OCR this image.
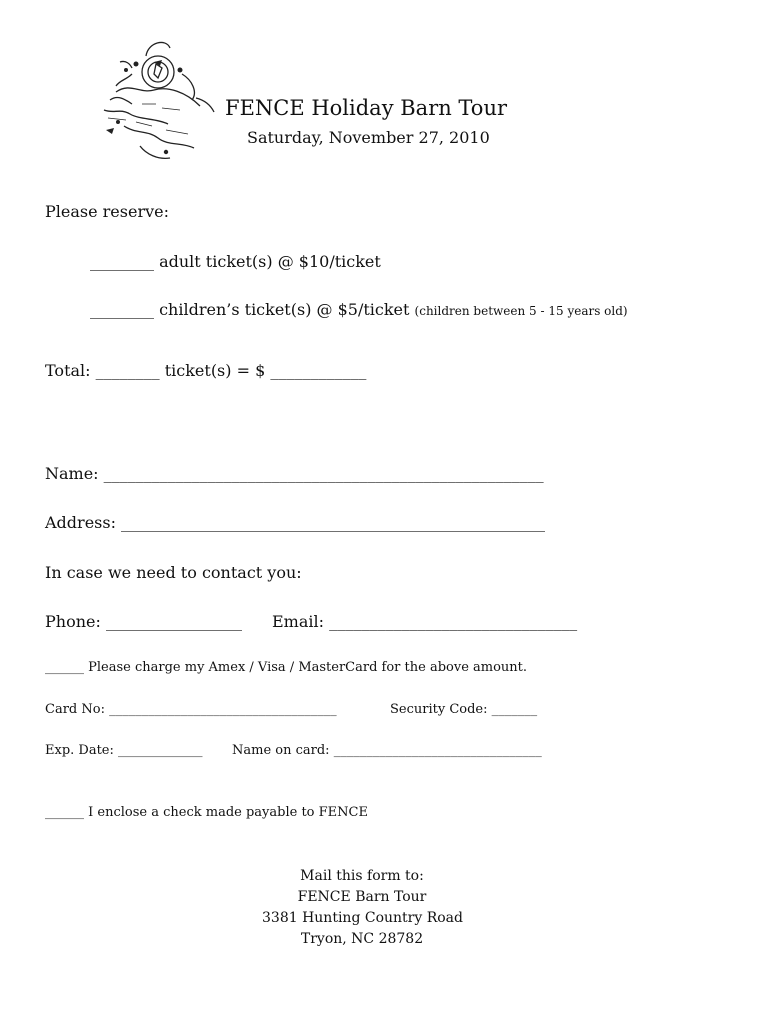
FENCE Holiday Barn Tour
Saturday, November 27, 2010
Please reserve:
________ adult ticket(s) @ $10/ticket
________ children’s ticket(s) @ $5/ticket (children between 5 - 15 years old)
Total: ________ ticket(s) = $ ____________
Name: _______________________________________________________
Address: _____________________________________________________
In case we need to contact you:
Phone: _________________ Email: _______________________________
______ Please charge my Amex / Visa / MasterCard for the above amount.
Card No: ___________________________________	Security Code: _______
Exp. Date: _____________ Name on card: ________________________________
______ I enclose a check made payable to FENCE
Mail this form to:
FENCE Barn Tour
3381 Hunting Country Road
Tryon, NC 28782
